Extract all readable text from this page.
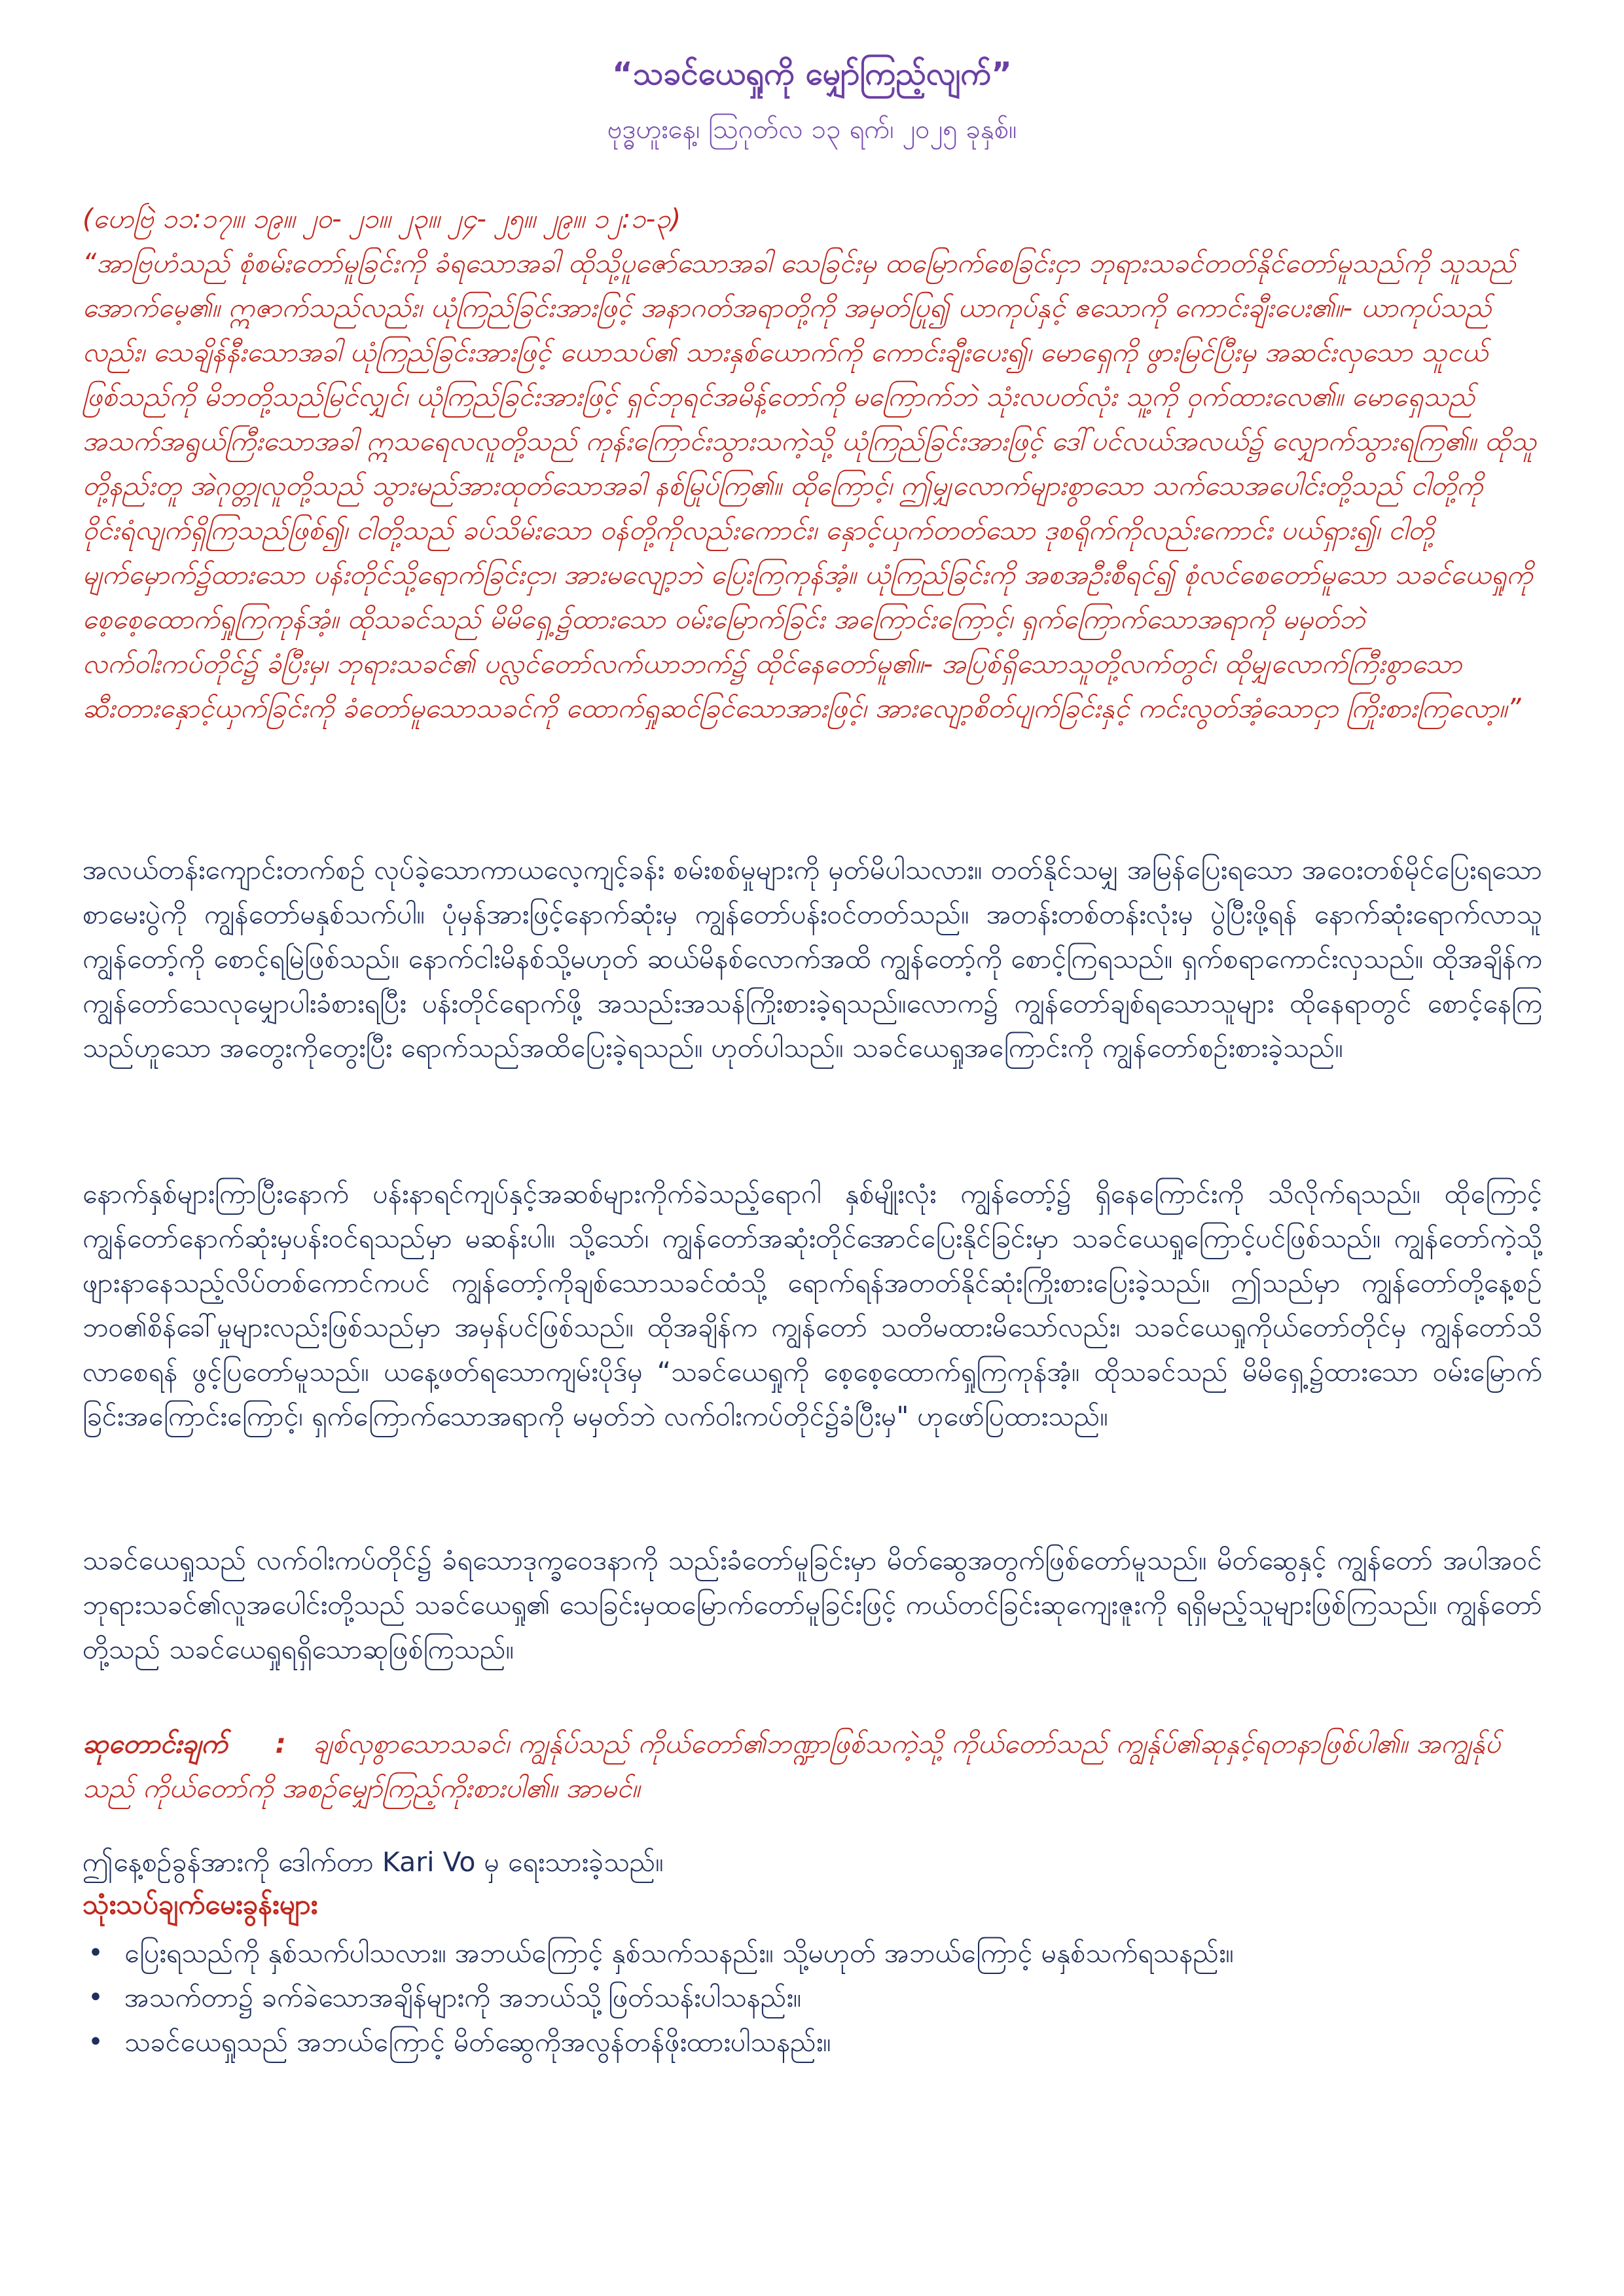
“သခင်ယေရှုကို မျှော်ကြည့်လျက်”
ဗုဒ္ဓဟူးနေ့၊ ဩဂုတ်လ ၁၃ ရက်၊ ၂၀၂၅ ခုနှစ်။

(ဟေဗြဲ ၁၁:၁၇။၊ ၁၉။၊ ၂၀- ၂၁။၊ ၂၃။၊ ၂၄- ၂၅။၊ ၂၉။၊ ၁၂:၁-၃)

“အာဗြဟံသည် စုံစမ်းတော်မူခြင်းကို ခံရသောအခါ ထိုသို့ပူဇော်သောအခါ သေခြင်းမှ ထမြောက်စေခြင်းငှာ ဘုရားသခင်တတ်နိုင်တော်မူသည်ကို သူသည်အောက်မေ့၏။ ဣဇာက်သည်လည်း၊ ယုံကြည်ခြင်းအားဖြင့် အနာဂတ်အရာတို့ကို အမှတ်ပြု၍ ယာကုပ်နှင့် ဧသောကို ကောင်းချီးပေး၏။- ယာကုပ်သည်လည်း၊ သေချိန်နီးသောအခါ ယုံကြည်ခြင်းအားဖြင့် ယောသပ်၏ သားနှစ်ယောက်ကို ကောင်းချီးပေး၍၊ မောရှေကို ဖွားမြင်ပြီးမှ အဆင်းလှသော သူငယ်ဖြစ်သည်ကို မိဘတို့သည်မြင်လျှင်၊ ယုံကြည်ခြင်းအားဖြင့် ရှင်ဘုရင်အမိန့်တော်ကို မကြောက်ဘဲ သုံးလပတ်လုံး သူ့ကို ဝှက်ထားလေ၏။ မောရှေသည် အသက်အရွယ်ကြီးသောအခါ ဣသရေလလူတို့သည် ကုန်းကြောင်းသွားသကဲ့သို့ ယုံကြည်ခြင်းအားဖြင့် ဒေါ်ပင်လယ်အလယ်၌ လျှောက်သွားရကြ၏။ ထိုသူတို့နည်းတူ အဲဂုတ္တုလူတို့သည် သွားမည်အားထုတ်သောအခါ နစ်မြုပ်ကြ၏။ ထိုကြောင့်၊ ဤမျှလောက်များစွာသော သက်သေအပေါင်းတို့သည် ငါတို့ကို ဝိုင်းရံလျက်ရှိကြသည်ဖြစ်၍၊ ငါတို့သည် ခပ်သိမ်းသော ဝန်တို့ကိုလည်းကောင်း၊ နှောင့်ယှက်တတ်သော ဒုစရိုက်ကိုလည်းကောင်း ပယ်ရှား၍၊ ငါတို့မျက်မှောက်၌ထားသော ပန်းတိုင်သို့ရောက်ခြင်းငှာ၊ အားမလျော့ဘဲ ပြေးကြကုန်အံ့။ ယုံကြည်ခြင်းကို အစအဦးစီရင်၍ စုံလင်စေတော်မူသော သခင်ယေရှုကိုစေ့စေ့ထောက်ရှုကြကုန်အံ့။ ထိုသခင်သည် မိမိရှေ့၌ထားသော ဝမ်းမြောက်ခြင်း အကြောင်းကြောင့်၊ ရှက်ကြောက်သောအရာကို မမှတ်ဘဲ လက်ဝါးကပ်တိုင်၌ ခံပြီးမှ၊ ဘုရားသခင်၏ ပလ္လင်တော်လက်ယာဘက်၌ ထိုင်နေတော်မူ၏။- အပြစ်ရှိသောသူတို့လက်တွင်၊ ထိုမျှလောက်ကြီးစွာသော ဆီးတားနှောင့်ယှက်ခြင်းကို ခံတော်မူသောသခင်ကို ထောက်ရှုဆင်ခြင်သောအားဖြင့်၊ အားလျော့စိတ်ပျက်ခြင်းနှင့် ကင်းလွတ်အံ့သောငှာ ကြိုးစားကြလော့။”

အလယ်တန်းကျောင်းတက်စဉ် လုပ်ခဲ့သောကာယလေ့ကျင့်ခန်း စမ်းစစ်မှုများကို မှတ်မိပါသလား။ တတ်နိုင်သမျှ အမြန်ပြေးရသော အဝေးတစ်မိုင်ပြေးရသော စာမေးပွဲကို ကျွန်တော်မနှစ်သက်ပါ။ ပုံမှန်အားဖြင့်နောက်ဆုံးမှ ကျွန်တော်ပန်းဝင်တတ်သည်။ အတန်းတစ်တန်းလုံးမှ ပွဲပြီးဖို့ရန် နောက်ဆုံးရောက်လာသူ ကျွန်တော့်ကို စောင့်ရမြဲဖြစ်သည်။ နောက်ငါးမိနစ်သို့မဟုတ် ဆယ်မိနစ်လောက်အထိ ကျွန်တော့်ကို စောင့်ကြရသည်။ ရှက်စရာကောင်းလှသည်။ ထိုအချိန်က ကျွန်တော်သေလုမျှောပါးခံစားရပြီး ပန်းတိုင်ရောက်ဖို့ အသည်းအသန်ကြိုးစားခဲ့ရသည်။လောက၌ ကျွန်တော်ချစ်ရသောသူများ ထိုနေရာတွင် စောင့်နေကြသည်ဟူသော အတွေးကိုတွေးပြီး ရောက်သည်အထိပြေးခဲ့ရသည်။ ဟုတ်ပါသည်။ သခင်ယေရှုအကြောင်းကို ကျွန်တော်စဉ်းစားခဲ့သည်။

နောက်နှစ်များကြာပြီးနောက် ပန်းနာရင်ကျပ်နှင့်အဆစ်များကိုက်ခဲသည့်ရောဂါ နှစ်မျိုးလုံး ကျွန်တော့်၌ ရှိနေကြောင်းကို သိလိုက်ရသည်။ ထိုကြောင့် ကျွန်တော်နောက်ဆုံးမှပန်းဝင်ရသည်မှာ မဆန်းပါ။ သို့သော်၊ ကျွန်တော်အဆုံးတိုင်အောင်ပြေးနိုင်ခြင်းမှာ သခင်ယေရှုကြောင့်ပင်ဖြစ်သည်။ ကျွန်တော်ကဲ့သို့ ဖျားနာနေသည့်လိပ်တစ်ကောင်ကပင် ကျွန်တော့်ကိုချစ်သောသခင်ထံသို့ ရောက်ရန်အတတ်နိုင်ဆုံးကြိုးစားပြေးခဲ့သည်။ ဤသည်မှာ ကျွန်တော်တို့နေ့စဉ်ဘဝ၏စိန်ခေါ်မှုများလည်းဖြစ်သည်မှာ အမှန်ပင်ဖြစ်သည်။ ထိုအချိန်က ကျွန်တော် သတိမထားမိသော်လည်း၊ သခင်ယေရှုကိုယ်တော်တိုင်မှ ကျွန်တော်သိလာစေရန် ဖွင့်ပြတော်မူသည်။ ယနေ့ဖတ်ရသောကျမ်းပိုဒ်မှ “သခင်ယေရှုကို စေ့စေ့ထောက်ရှုကြကုန်အံ့။ ထိုသခင်သည် မိမိရှေ့၌ထားသော ဝမ်းမြောက်ခြင်းအကြောင်းကြောင့်၊ ရှက်ကြောက်သောအရာကို မမှတ်ဘဲ လက်ဝါးကပ်တိုင်၌ခံပြီးမှ" ဟုဖော်ပြထားသည်။

သခင်ယေရှုသည် လက်ဝါးကပ်တိုင်၌ ခံရသောဒုက္ခဝေဒနာကို သည်းခံတော်မူခြင်းမှာ မိတ်ဆွေအတွက်ဖြစ်တော်မူသည်။ မိတ်ဆွေနှင့် ကျွန်တော် အပါအဝင် ဘုရားသခင်၏လူအပေါင်းတို့သည် သခင်ယေရှု၏ သေခြင်းမှထမြောက်တော်မူခြင်းဖြင့် ကယ်တင်ခြင်းဆုကျေးဇူးကို ရရှိမည့်သူများဖြစ်ကြသည်။ ကျွန်တော်တို့သည် သခင်ယေရှုရရှိသောဆုဖြစ်ကြသည်။

ဆုတောင်းချက် : ချစ်လှစွာသောသခင်၊ ကျွန်ုပ်သည် ကိုယ်တော်၏ဘဏ္ဍာဖြစ်သကဲ့သို့ ကိုယ်တော်သည် ကျွန်ုပ်၏ဆုနှင့်ရတနာဖြစ်ပါ၏။ အကျွန်ုပ် သည် ကိုယ်တော်ကို အစဉ်မျှော်ကြည့်ကိုးစားပါ၏။ အာမင်။

ဤနေ့စဉ်ခွန်အားကို ဒေါက်တာ Kari Vo မှ ရေးသားခဲ့သည်။

သုံးသပ်ချက်မေးခွန်းများ

• ပြေးရသည်ကို နှစ်သက်ပါသလား။ အဘယ်ကြောင့် နှစ်သက်သနည်း။ သို့မဟုတ် အဘယ်ကြောင့် မနှစ်သက်ရသနည်း။
• အသက်တာ၌ ခက်ခဲသောအချိန်များကို အဘယ်သို့ဖြတ်သန်းပါသနည်း။
• သခင်ယေရှုသည် အဘယ်ကြောင့် မိတ်ဆွေကိုအလွန်တန်ဖိုးထားပါသနည်း။
